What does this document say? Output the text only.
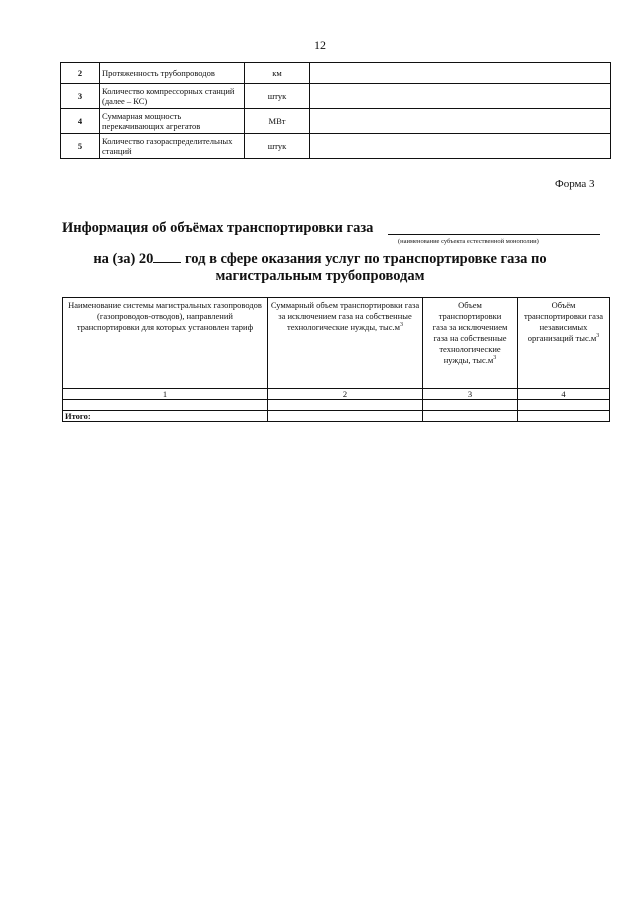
12
2	Протяженность трубопроводов	км	
3	Количество компрессорных станций (далее – КС)	штук	
4	Суммарная мощность перекачивающих агрегатов	МВт	
5	Количество газораспределительных станций	штук	
Форма 3
Информация об объёмах транспортировки газа
(наименование субъекта естественной монополии)
на (за) 20 год в сфере оказания услуг по транспортировке газа по
магистральным трубопроводам
Наименование системы магистральных газопроводов (газопроводов-отводов), направлений транспортировки для которых установлен тариф	Суммарный объем транспортировки газа за исключением газа на собственные технологические нужды, $тыс.м^3$	Объем транспортировки газа за исключением газа на собственные технологические нужды, $тыс.м^3$	Объём транспортировки газа независимых организаций $тыс.м^3$
1	2	3	4

Итого:			
